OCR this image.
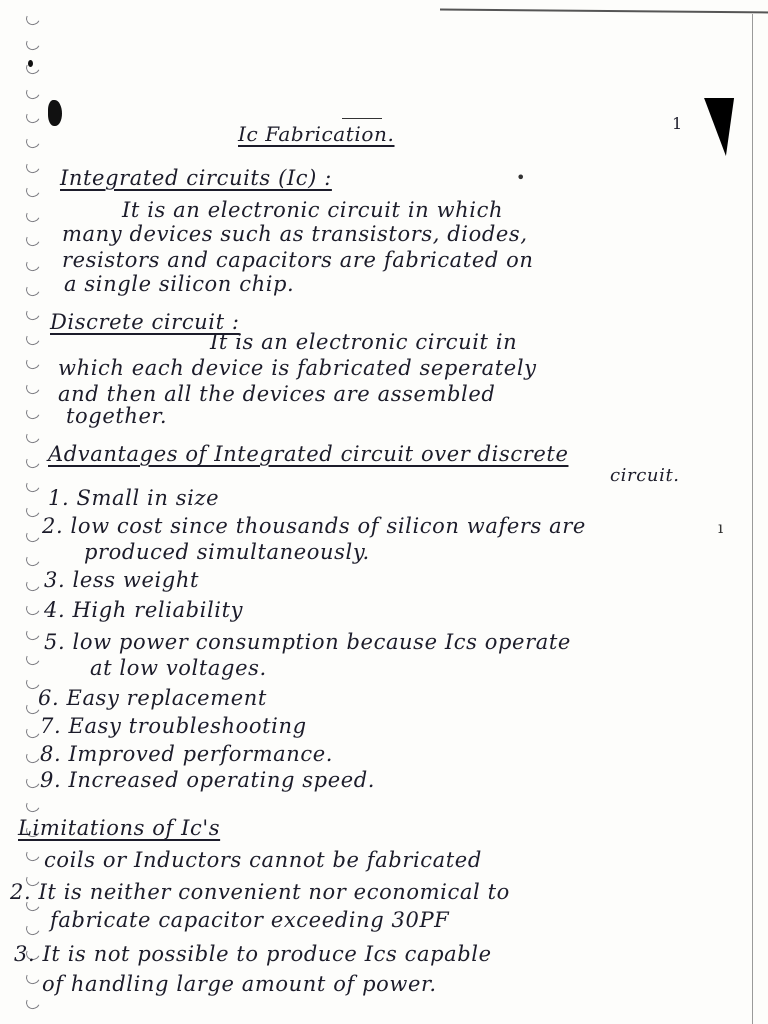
1
Ic Fabrication.
Integrated circuits (Ic) :
It is an electronic circuit in which
many devices such as transistors, diodes,
resistors and capacitors are fabricated on
a single silicon chip.
Discrete circuit :
It is an electronic circuit in
which each device is fabricated seperately
and then all the devices are assembled
together.
Advantages of Integrated circuit over discrete
circuit.
1. Small in size
2. low cost since thousands of silicon wafers are
produced simultaneously.
3. less weight
4. High reliability
5. low power consumption because Ics operate
at low voltages.
6. Easy replacement
7. Easy troubleshooting
8. Improved performance.
9. Increased operating speed.
Limitations of Ic's
coils or Inductors cannot be fabricated
2. It is neither convenient nor economical to
fabricate capacitor exceeding 30PF
3. It is not possible to produce Ics capable
of handling large amount of power.
•
ı
